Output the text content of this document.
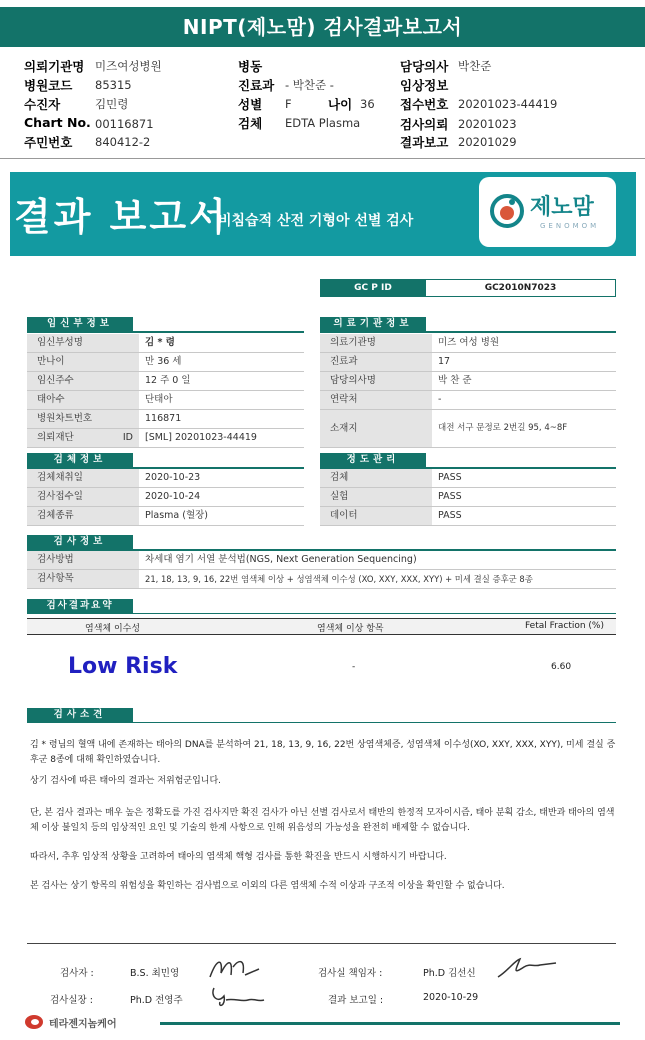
NIPT(제노맘) 검사결과보고서
의뢰기관명 미즈여성병원
병원코드 85315
수진자	김민령
Chart No. 00116871
주민번호 840412-2
병동
진료과 - 박찬준 -
성별 F	나이 36
검체 EDTA Plasma
담당의사 박찬준
임상정보
접수번호 20201023-44419
검사의뢰 20201023
결과보고 20201029
결과 보고서
비침습적 산전 기형아 선별 검사
제노맘
GENOMOM
GC P ID	GC2010N7023
임신부정보
임신부성명	김 * 령
만나이	만 36 세
임신주수	12 주 0 일
태아수	단태아
병원차트번호	116871
의뢰재단 ID	[SML] 20201023-44419
의료기관정보
의료기관명	미즈 여성 병원
진료과	17
담당의사명	박 찬 준
연락처	-
소재지	대전 서구 문정로 2번길 95, 4~8F
검체정보
검체채취일	2020-10-23
검사접수일	2020-10-24
검체종류	Plasma (혈장)
정도관리
검체	PASS
실험	PASS
데이터	PASS
검사정보
검사방법	차세대 염기 서열 분석법(NGS, Next Generation Sequencing)
검사항목	21, 18, 13, 9, 16, 22번 염색체 이상 + 성염색체 이수성 (XO, XXY, XXX, XYY) + 미세 결실 증후군 8종
검사결과요약
염색체 이수성	염색체 이상 항목	Fetal Fraction (%)
Low Risk	-	6.60
검사소견
김 * 령님의 혈액 내에 존재하는 태아의 DNA를 분석하여 21, 18, 13, 9, 16, 22번 상염색체증, 성염색체 이수성(XO, XXY, XXX, XYY), 미세 결실 증후군 8종에 대해 확인하였습니다.
상기 검사에 따른 태아의 결과는 저위험군입니다.
단, 본 검사 결과는 매우 높은 정확도를 가진 검사지만 확진 검사가 아닌 선별 검사로서 태반의 한정적 모자이시즘, 태아 분획 감소, 태반과 태아의 염색체 이상 불일치 등의 임상적인 요인 및 기술의 한계 사항으로 인해 위음성의 가능성을 완전히 배제할 수 없습니다.
따라서, 추후 임상적 상황을 고려하여 태아의 염색체 핵형 검사를 통한 확진을 반드시 시행하시기 바랍니다.
본 검사는 상기 항목의 위험성을 확인하는 검사법으로 이외의 다른 염색체 수적 이상과 구조적 이상을 확인할 수 없습니다.
검사자 :	B.S. 최민영	검사실 책임자 :	Ph.D 김선신
검사실장 :	Ph.D 전영주	결과 보고일 :	2020-10-29
테라젠지놈케어
